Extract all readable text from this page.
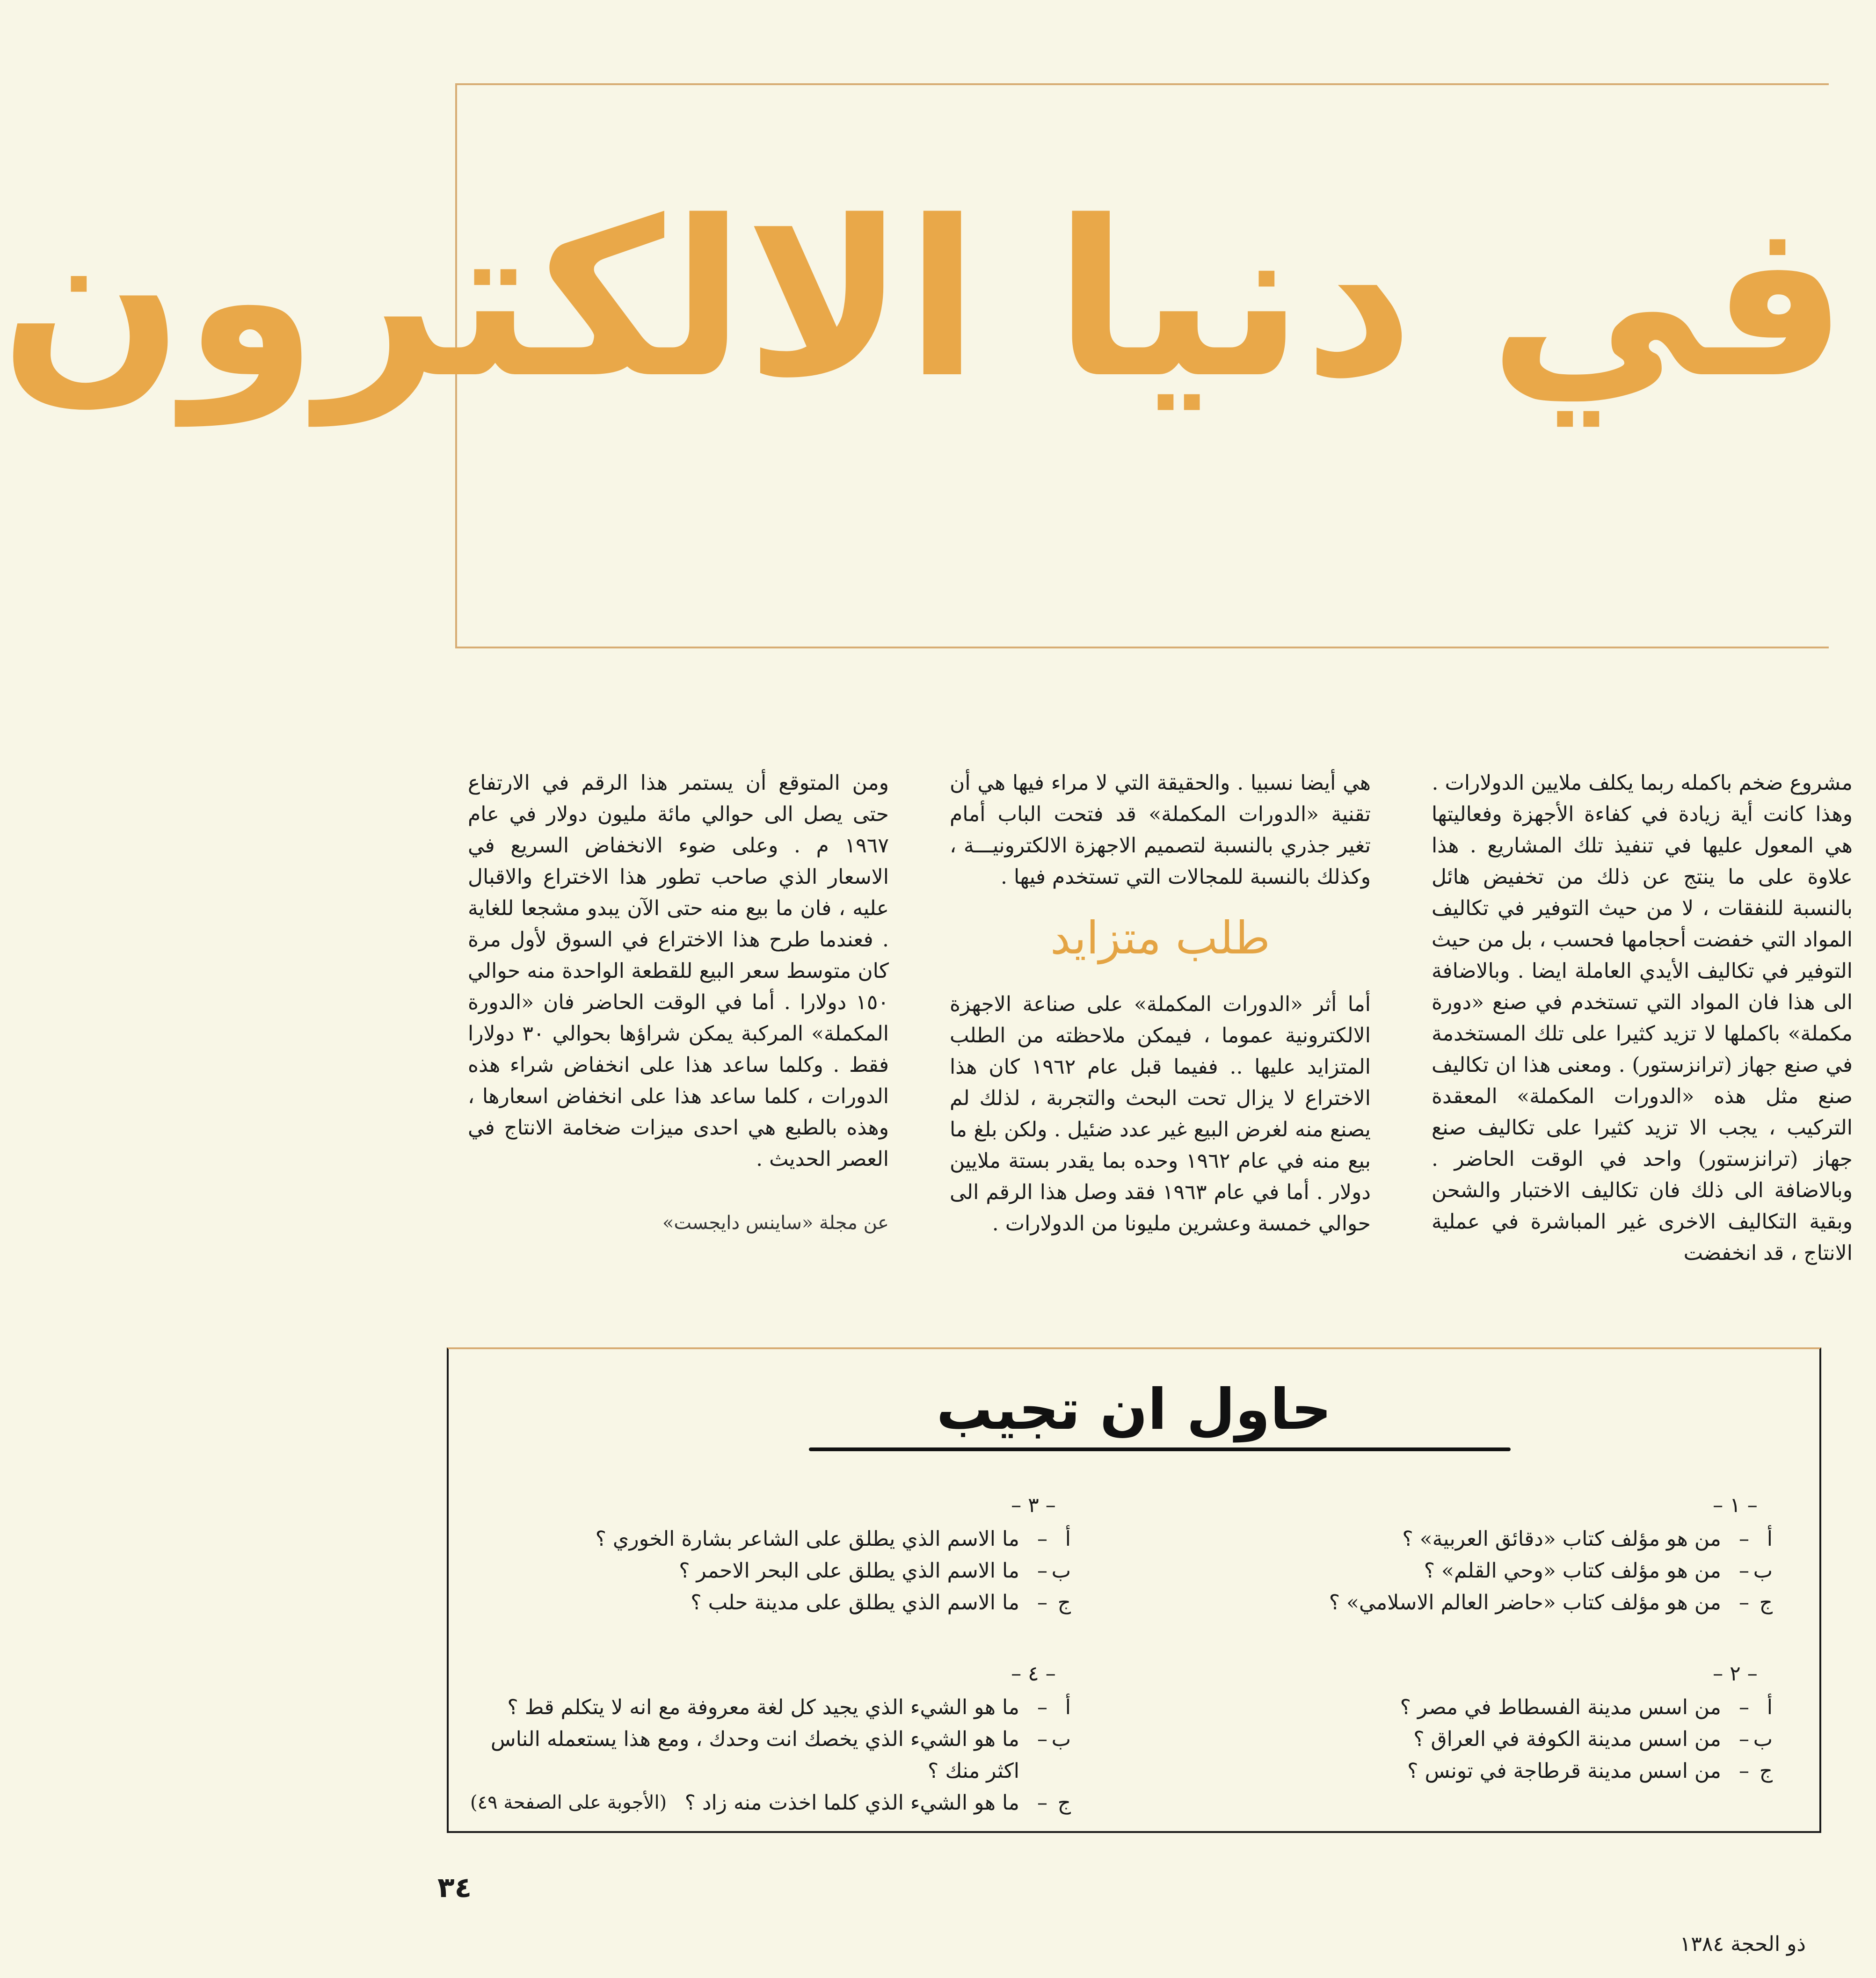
في دنيا الالكترون

مشروع ضخم باكمله ربما يكلف ملايين الدولارات .

وهذا كانت أية زيادة في كفاءة الأجهزة وفعاليتها هي المعول عليها في تنفيذ تلك المشاريع . هذا علاوة على ما ينتج عن ذلك من تخفيض هائل بالنسبة للنفقات ، لا من حيث التوفير في تكاليف المواد التي خفضت أحجامها فحسب ، بل من حيث التوفير في تكاليف الأيدي العاملة ايضا . وبالاضافة الى هذا فان المواد التي تستخدم في صنع «دورة مكملة» باكملها لا تزيد كثيرا على تلك المستخدمة في صنع جهاز (ترانزستور) . ومعنى هذا ان تكاليف صنع مثل هذه «الدورات المكملة» المعقدة التركيب ، يجب الا تزيد كثيرا على تكاليف صنع جهاز (ترانزستور) واحد في الوقت الحاضر . وبالاضافة الى ذلك فان تكاليف الاختبار والشحن وبقية التكاليف الاخرى غير المباشرة في عملية الانتاج ، قد انخفضت

هي أيضا نسبيا . والحقيقة التي لا مراء فيها هي أن تقنية «الدورات المكملة» قد فتحت الباب أمام تغير جذري بالنسبة لتصميم الاجهزة الالكترونيـــة ، وكذلك بالنسبة للمجالات التي تستخدم فيها .

طلب متزايد

أما أثر «الدورات المكملة» على صناعة الاجهزة الالكترونية عموما ، فيمكن ملاحظته من الطلب المتزايد عليها .. ففيما قبل عام ١٩٦٢ كان هذا الاختراع لا يزال تحت البحث والتجربة ، لذلك لم يصنع منه لغرض البيع غير عدد ضئيل . ولكن بلغ ما بيع منه في عام ١٩٦٢ وحده بما يقدر بستة ملايين دولار . أما في عام ١٩٦٣ فقد وصل هذا الرقم الى حوالي خمسة وعشرين مليونا من الدولارات .

ومن المتوقع أن يستمر هذا الرقم في الارتفاع حتى يصل الى حوالي مائة مليون دولار في عام ١٩٦٧ م . وعلى ضوء الانخفاض السريع في الاسعار الذي صاحب تطور هذا الاختراع والاقبال عليه ، فان ما بيع منه حتى الآن يبدو مشجعا للغاية . فعندما طرح هذا الاختراع في السوق لأول مرة كان متوسط سعر البيع للقطعة الواحدة منه حوالي ١٥٠ دولارا . أما في الوقت الحاضر فان «الدورة المكملة» المركبة يمكن شراؤها بحوالي ٣٠ دولارا فقط . وكلما ساعد هذا على انخفاض شراء هذه الدورات ، كلما ساعد هذا على انخفاض اسعارها ، وهذه بالطبع هي احدى ميزات ضخامة الانتاج في العصر الحديث .

عن مجلة «ساينس دايجست»
حاول ان تجيب
– ١ –
أ
–
من هو مؤلف كتاب «دقائق العربية» ؟
ب
–
من هو مؤلف كتاب «وحي القلم» ؟
ج
–
من هو مؤلف كتاب «حاضر العالم الاسلامي» ؟
– ٢ –
أ
–
من اسس مدينة الفسطاط في مصر ؟
ب
–
من اسس مدينة الكوفة في العراق ؟
ج
–
من اسس مدينة قرطاجة في تونس ؟
– ٣ –
أ
–
ما الاسم الذي يطلق على الشاعر بشارة الخوري ؟
ب
–
ما الاسم الذي يطلق على البحر الاحمر ؟
ج
–
ما الاسم الذي يطلق على مدينة حلب ؟
– ٤ –
أ
–
ما هو الشيء الذي يجيد كل لغة معروفة مع انه لا يتكلم قط ؟
ب
–
ما هو الشيء الذي يخصك انت وحدك ، ومع هذا يستعمله الناس اكثر منك ؟
ج
–
ما هو الشيء الذي كلما اخذت منه زاد ؟
(الأجوبة على الصفحة ٤٩)
٣٤
ذو الحجة ١٣٨٤
